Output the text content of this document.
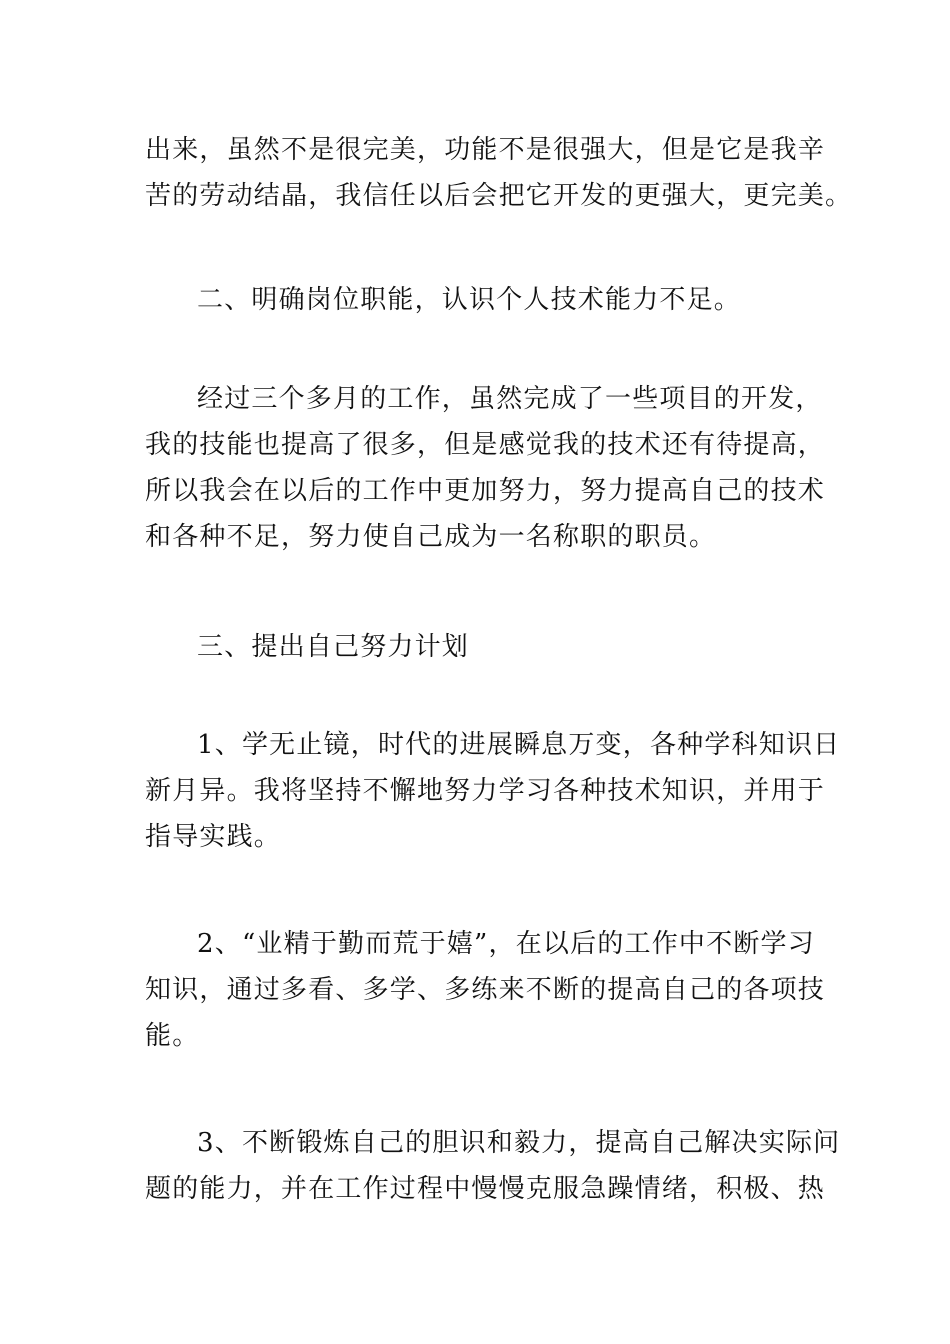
出来，虽然不是很完美，功能不是很强大，但是它是我辛
苦的劳动结晶，我信任以后会把它开发的更强大，更完美。

二、明确岗位职能，认识个人技术能力不足。

经过三个多月的工作，虽然完成了一些项目的开发，
我的技能也提高了很多，但是感觉我的技术还有待提高，
所以我会在以后的工作中更加努力，努力提高自己的技术
和各种不足，努力使自己成为一名称职的职员。

三、提出自己努力计划

1、学无止镜，时代的进展瞬息万变，各种学科知识日
新月异。我将坚持不懈地努力学习各种技术知识，并用于
指导实践。

2、“业精于勤而荒于嬉”，在以后的工作中不断学习
知识，通过多看、多学、多练来不断的提高自己的各项技
能。

3、不断锻炼自己的胆识和毅力，提高自己解决实际问
题的能力，并在工作过程中慢慢克服急躁情绪，积极、热
